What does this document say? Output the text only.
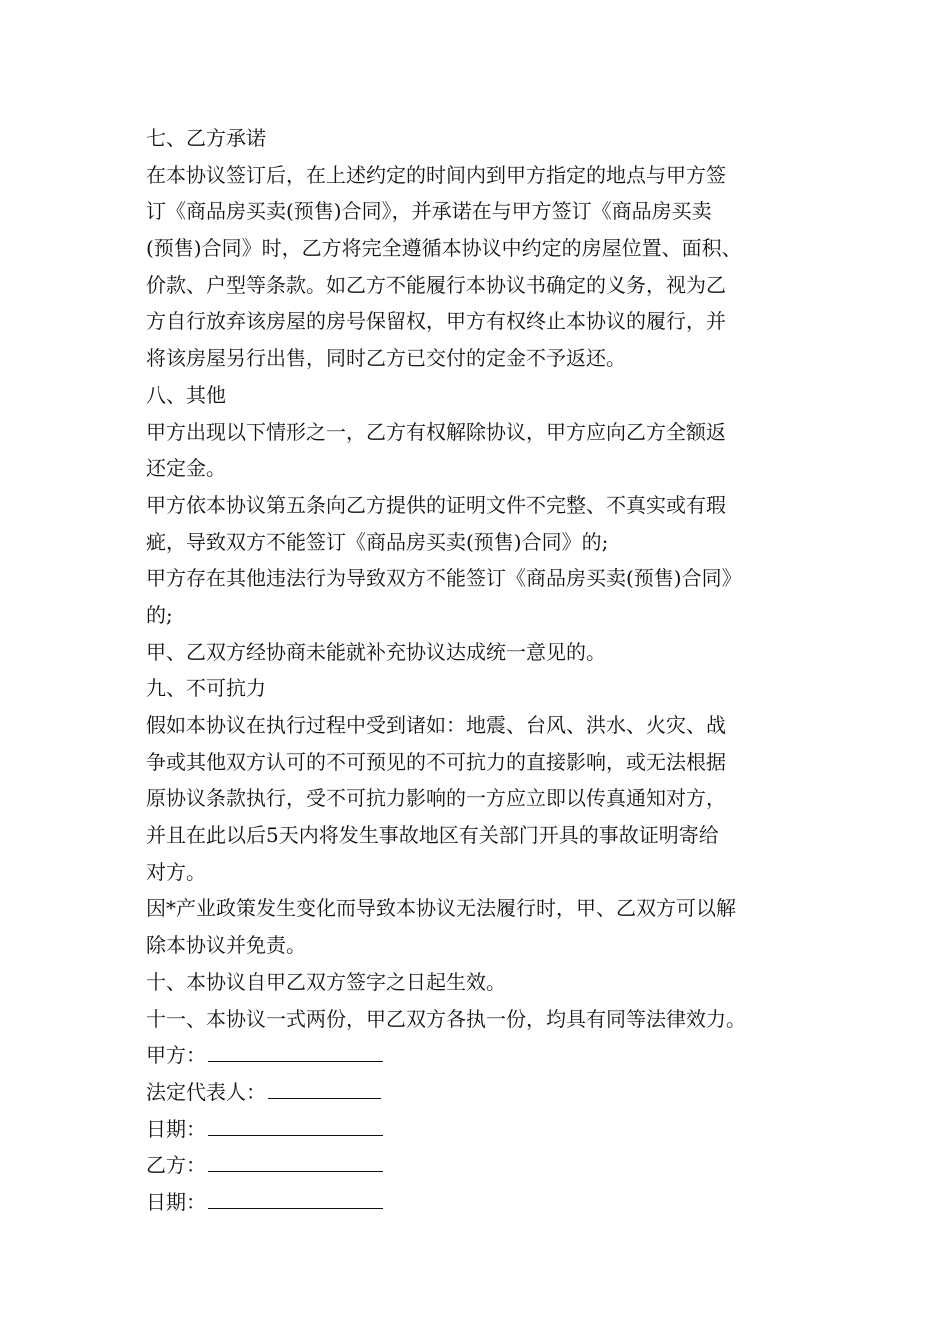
七、乙方承诺
在本协议签订后，在上述约定的时间内到甲方指定的地点与甲方签
订《商品房买卖(预售)合同》，并承诺在与甲方签订《商品房买卖
(预售)合同》时，乙方将完全遵循本协议中约定的房屋位置、面积、
价款、户型等条款。如乙方不能履行本协议书确定的义务，视为乙
方自行放弃该房屋的房号保留权，甲方有权终止本协议的履行，并
将该房屋另行出售，同时乙方已交付的定金不予返还。
八、其他
甲方出现以下情形之一，乙方有权解除协议，甲方应向乙方全额返
还定金。
甲方依本协议第五条向乙方提供的证明文件不完整、不真实或有瑕
疵，导致双方不能签订《商品房买卖(预售)合同》的;
甲方存在其他违法行为导致双方不能签订《商品房买卖(预售)合同》
的;
甲、乙双方经协商未能就补充协议达成统一意见的。
九、不可抗力
假如本协议在执行过程中受到诸如：地震、台风、洪水、火灾、战
争或其他双方认可的不可预见的不可抗力的直接影响，或无法根据
原协议条款执行，受不可抗力影响的一方应立即以传真通知对方，
并且在此以后5天内将发生事故地区有关部门开具的事故证明寄给
对方。
因*产业政策发生变化而导致本协议无法履行时，甲、乙双方可以解
除本协议并免责。
十、本协议自甲乙双方签字之日起生效。
十一、本协议一式两份，甲乙双方各执一份，均具有同等法律效力。
甲方：
法定代表人：
日期：
乙方：
日期：
